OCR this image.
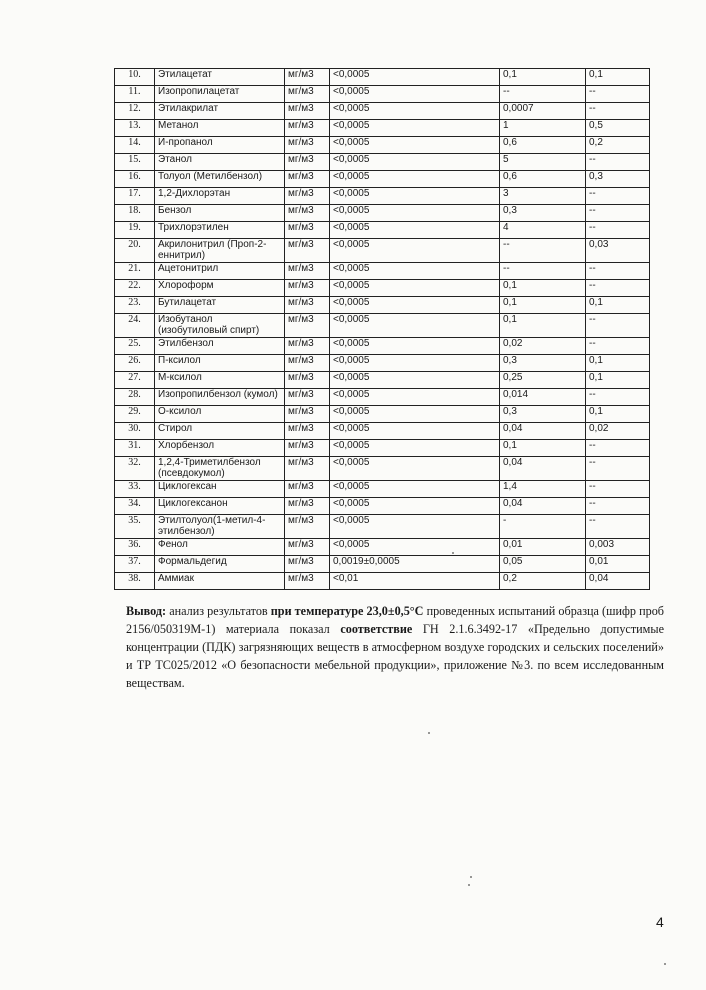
10.	Этилацетат	мг/м3	<0,0005	0,1	0,1
11.	Изопропилацетат	мг/м3	<0,0005	--	--
12.	Этилакрилат	мг/м3	<0,0005	0,0007	--
13.	Метанол	мг/м3	<0,0005	1	0,5
14.	И-пропанол	мг/м3	<0,0005	0,6	0,2
15.	Этанол	мг/м3	<0,0005	5	--
16.	Толуол (Метилбензол)	мг/м3	<0,0005	0,6	0,3
17.	1,2-Дихлорэтан	мг/м3	<0,0005	3	--
18.	Бензол	мг/м3	<0,0005	0,3	--
19.	Трихлорэтилен	мг/м3	<0,0005	4	--
20.	Акрилонитрил (Проп-2-еннитрил)	мг/м3	<0,0005	--	0,03
21.	Ацетонитрил	мг/м3	<0,0005	--	--
22.	Хлороформ	мг/м3	<0,0005	0,1	--
23.	Бутилацетат	мг/м3	<0,0005	0,1	0,1
24.	Изобутанол (изобутиловый спирт)	мг/м3	<0,0005	0,1	--
25.	Этилбензол	мг/м3	<0,0005	0,02	--
26.	П-ксилол	мг/м3	<0,0005	0,3	0,1
27.	М-ксилол	мг/м3	<0,0005	0,25	0,1
28.	Изопропилбензол (кумол)	мг/м3	<0,0005	0,014	--
29.	О-ксилол	мг/м3	<0,0005	0,3	0,1
30.	Стирол	мг/м3	<0,0005	0,04	0,02
31.	Хлорбензол	мг/м3	<0,0005	0,1	--
32.	1,2,4-Триметилбензол (псевдокумол)	мг/м3	<0,0005	0,04	--
33.	Циклогексан	мг/м3	<0,0005	1,4	--
34.	Циклогексанон	мг/м3	<0,0005	0,04	--
35.	Этилтолуол(1-метил-4-этилбензол)	мг/м3	<0,0005	-	--
36.	Фенол	мг/м3	<0,0005	0,01	0,003
37.	Формальдегид	мг/м3	0,0019±0,0005	0,05	0,01
38.	Аммиак	мг/м3	<0,01	0,2	0,04

Вывод: анализ результатов при температуре 23,0±0,5°С проведенных испытаний образца (шифр проб 2156/050319М-1) материала показал соответствие ГН 2.1.6.3492-17 «Предельно допустимые концентрации (ПДК) загрязняющих веществ в атмосферном воздухе городских и сельских поселений» и ТР ТС025/2012 «О безопасности мебельной продукции», приложение №3. по всем исследованным веществам.

4
